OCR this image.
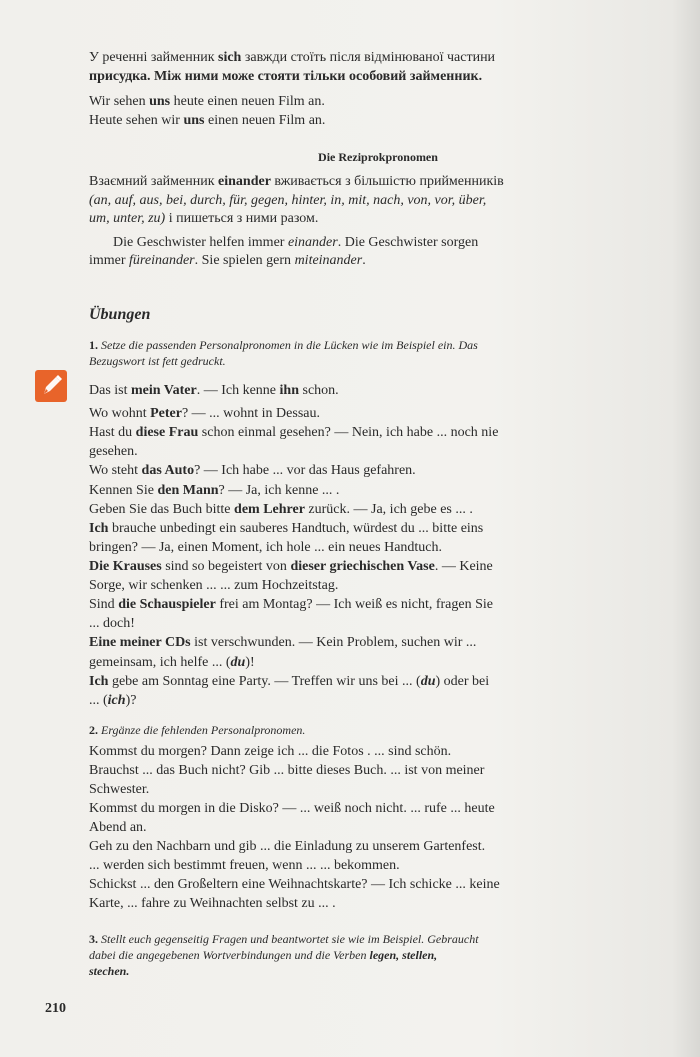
У реченні займенник sich завжди стоїть після відмінюваної частини
присудка. Між ними може стояти тільки особовий займенник.
Wir sehen uns heute einen neuen Film an.
Heute sehen wir uns einen neuen Film an.
Die Reziprokpronomen
Взаємний займенник einander вживається з більшістю прийменників
(an, auf, aus, bei, durch, für, gegen, hinter, in, mit, nach, von, vor, über,
um, unter, zu) і пишеться з ними разом.
Die Geschwister helfen immer einander. Die Geschwister sorgen
immer füreinander. Sie spielen gern miteinander.
Übungen
1. Setze die passenden Personalpronomen in die Lücken wie im Beispiel ein. Das
Bezugswort ist fett gedruckt.
Das ist mein Vater. — Ich kenne ihn schon.
Wo wohnt Peter? — ... wohnt in Dessau.
Hast du diese Frau schon einmal gesehen? — Nein, ich habe ... noch nie
gesehen.
Wo steht das Auto? — Ich habe ... vor das Haus gefahren.
Kennen Sie den Mann? — Ja, ich kenne ... .
Geben Sie das Buch bitte dem Lehrer zurück. — Ja, ich gebe es ... .
Ich brauche unbedingt ein sauberes Handtuch, würdest du ... bitte eins
bringen? — Ja, einen Moment, ich hole ... ein neues Handtuch.
Die Krauses sind so begeistert von dieser griechischen Vase. — Keine
Sorge, wir schenken ... ... zum Hochzeitstag.
Sind die Schauspieler frei am Montag? — Ich weiß es nicht, fragen Sie
... doch!
Eine meiner CDs ist verschwunden. — Kein Problem, suchen wir ...
gemeinsam, ich helfe ... (du)!
Ich gebe am Sonntag eine Party. — Treffen wir uns bei ... (du) oder bei
... (ich)?
2. Ergänze die fehlenden Personalpronomen.
Kommst du morgen? Dann zeige ich ... die Fotos . ... sind schön.
Brauchst ... das Buch nicht? Gib ... bitte dieses Buch. ... ist von meiner
Schwester.
Kommst du morgen in die Disko? — ... weiß noch nicht. ... rufe ... heute
Abend an.
Geh zu den Nachbarn und gib ... die Einladung zu unserem Gartenfest.
... werden sich bestimmt freuen, wenn ... ... bekommen.
Schickst ... den Großeltern eine Weihnachtskarte? — Ich schicke ... keine
Karte, ... fahre zu Weihnachten selbst zu ... .
3. Stellt euch gegenseitig Fragen und beantwortet sie wie im Beispiel. Gebraucht
dabei die angegebenen Wortverbindungen und die Verben legen, stellen,
stechen.
210
